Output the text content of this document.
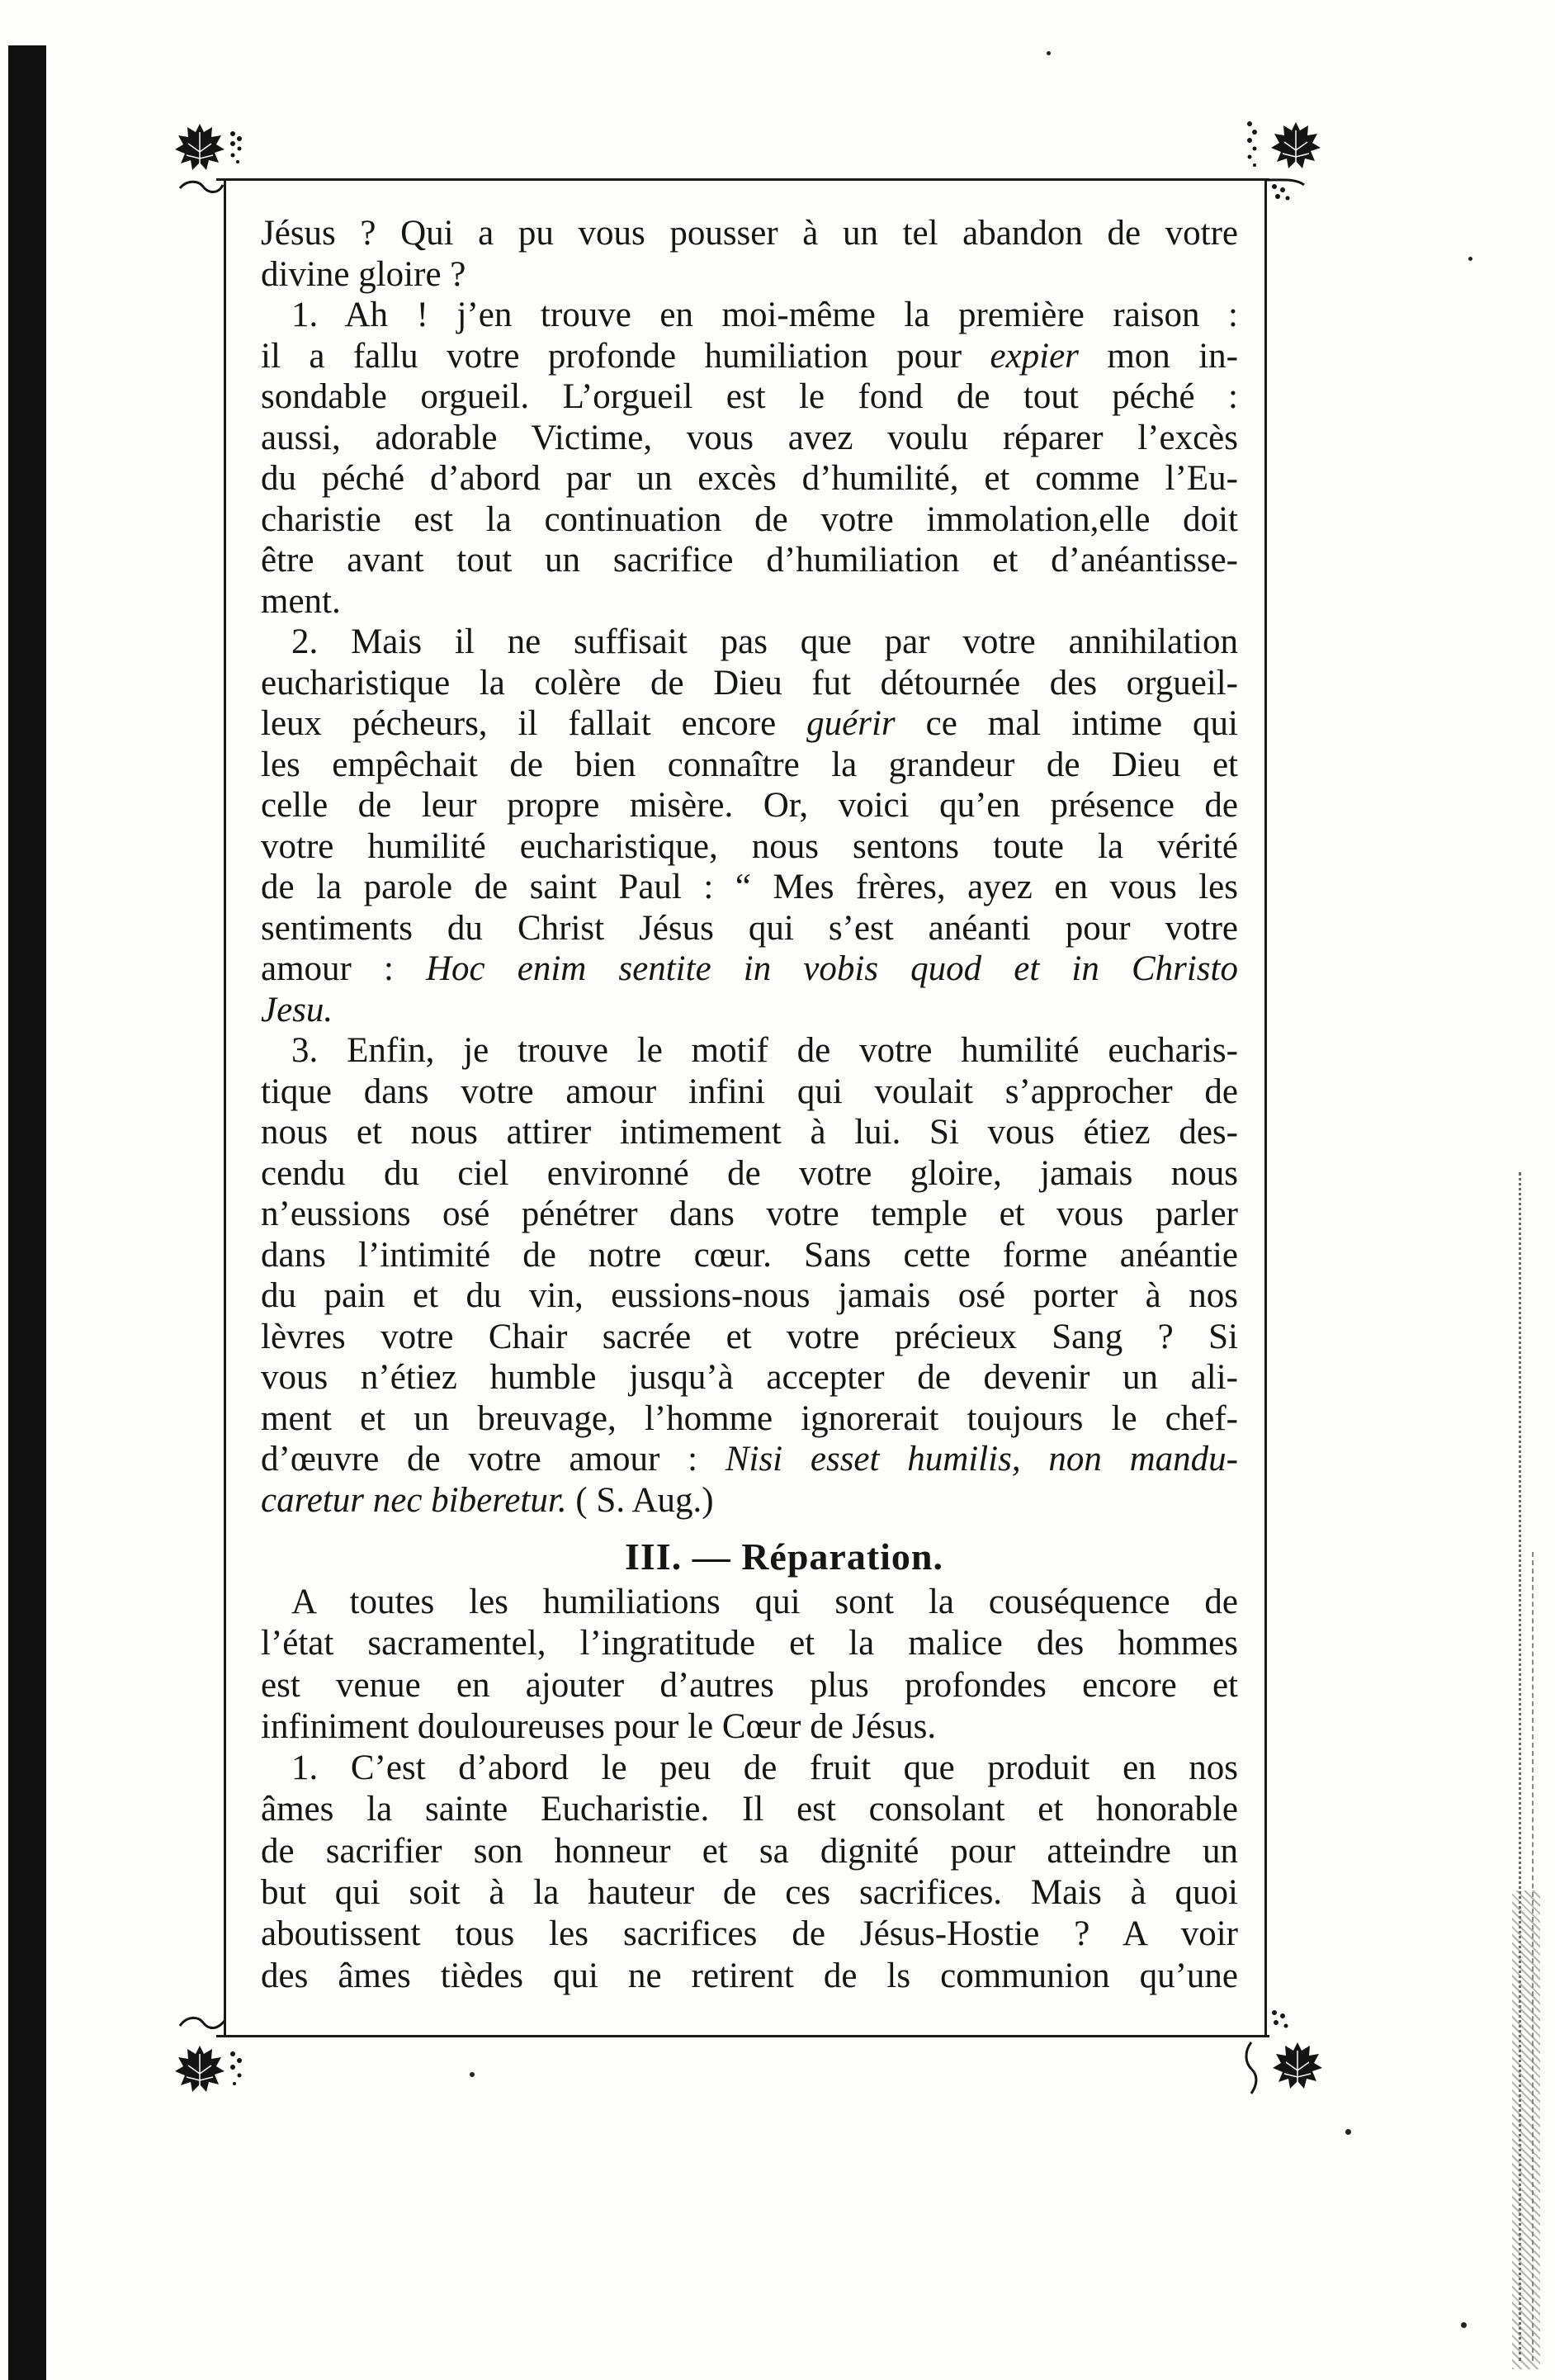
Jésus ? Qui a pu vous pousser à un tel abandon de votre
divine gloire ?
1. Ah ! j’en trouve en moi-même la première raison :
il a fallu votre profonde humiliation pour expier mon in-
sondable orgueil. L’orgueil est le fond de tout péché :
aussi, adorable Victime, vous avez voulu réparer l’excès
du péché d’abord par un excès d’humilité, et comme l’Eu-
charistie est la continuation de votre immolation,elle doit
être avant tout un sacrifice d’humiliation et d’anéantisse-
ment.
2. Mais il ne suffisait pas que par votre annihilation
eucharistique la colère de Dieu fut détournée des orgueil-
leux pécheurs, il fallait encore guérir ce mal intime qui
les empêchait de bien connaître la grandeur de Dieu et
celle de leur propre misère. Or, voici qu’en présence de
votre humilité eucharistique, nous sentons toute la vérité
de la parole de saint Paul : “ Mes frères, ayez en vous les
sentiments du Christ Jésus qui s’est anéanti pour votre
amour : Hoc enim sentite in vobis quod et in Christo
Jesu.
3. Enfin, je trouve le motif de votre humilité eucharis-
tique dans votre amour infini qui voulait s’approcher de
nous et nous attirer intimement à lui. Si vous étiez des-
cendu du ciel environné de votre gloire, jamais nous
n’eussions osé pénétrer dans votre temple et vous parler
dans l’intimité de notre cœur. Sans cette forme anéantie
du pain et du vin, eussions-nous jamais osé porter à nos
lèvres votre Chair sacrée et votre précieux Sang ? Si
vous n’étiez humble jusqu’à accepter de devenir un ali-
ment et un breuvage, l’homme ignorerait toujours le chef-
d’œuvre de votre amour : Nisi esset humilis, non mandu-
caretur nec biberetur. ( S. Aug.)
III. — Réparation.
A toutes les humiliations qui sont la couséquence de
l’état sacramentel, l’ingratitude et la malice des hommes
est venue en ajouter d’autres plus profondes encore et
infiniment douloureuses pour le Cœur de Jésus.
1. C’est d’abord le peu de fruit que produit en nos
âmes la sainte Eucharistie. Il est consolant et honorable
de sacrifier son honneur et sa dignité pour atteindre un
but qui soit à la hauteur de ces sacrifices. Mais à quoi
aboutissent tous les sacrifices de Jésus-Hostie ? A voir
des âmes tièdes qui ne retirent de ls communion qu’une
